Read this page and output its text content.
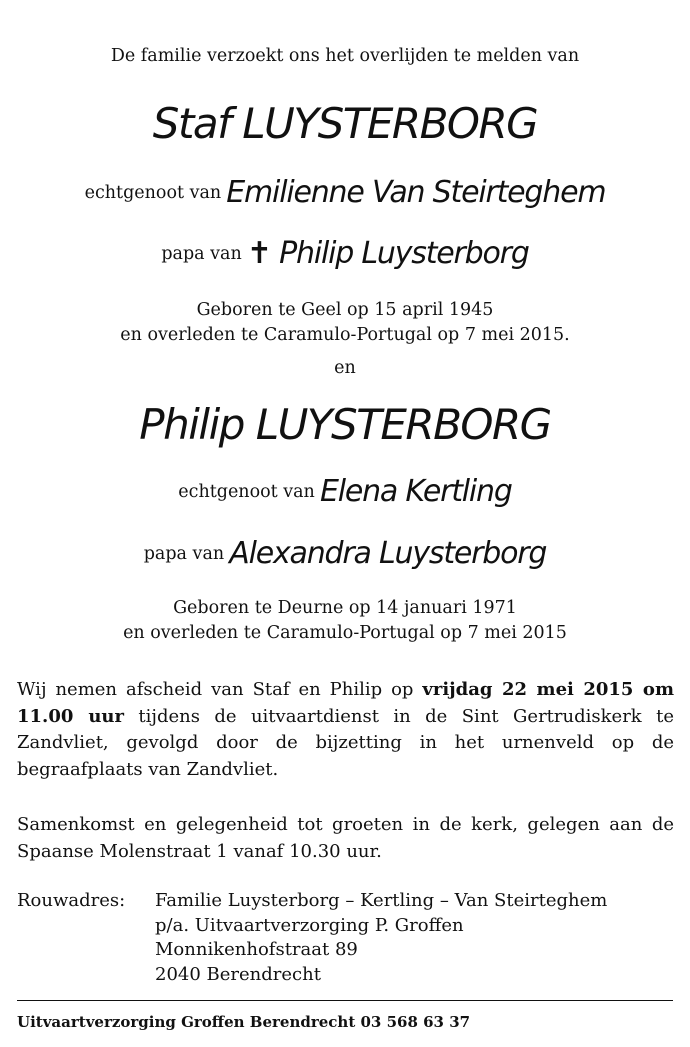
De familie verzoekt ons het overlijden te melden van
Staf LUYSTERBORG
echtgenoot van Emilienne Van Steirteghem
papa van ✝ Philip Luysterborg
Geboren te Geel op 15 april 1945
en overleden te Caramulo-Portugal op 7 mei 2015.
en
Philip LUYSTERBORG
echtgenoot van Elena Kertling
papa van Alexandra Luysterborg
Geboren te Deurne op 14 januari 1971
en overleden te Caramulo-Portugal op 7 mei 2015
Wij nemen afscheid van Staf en Philip op vrijdag 22 mei 2015 om 11.00 uur tijdens de uitvaartdienst in de Sint Gertrudiskerk te Zandvliet, gevolgd door de bijzetting in het urnenveld op de begraafplaats van Zandvliet.
Samenkomst en gelegenheid tot groeten in de kerk, gelegen aan de Spaanse Molenstraat 1 vanaf 10.30 uur.
Rouwadres: Familie Luysterborg – Kertling – Van Steirteghem
p/a. Uitvaartverzorging P. Groffen
Monnikenhofstraat 89
2040 Berendrecht
Uitvaartverzorging Groffen Berendrecht 03 568 63 37
